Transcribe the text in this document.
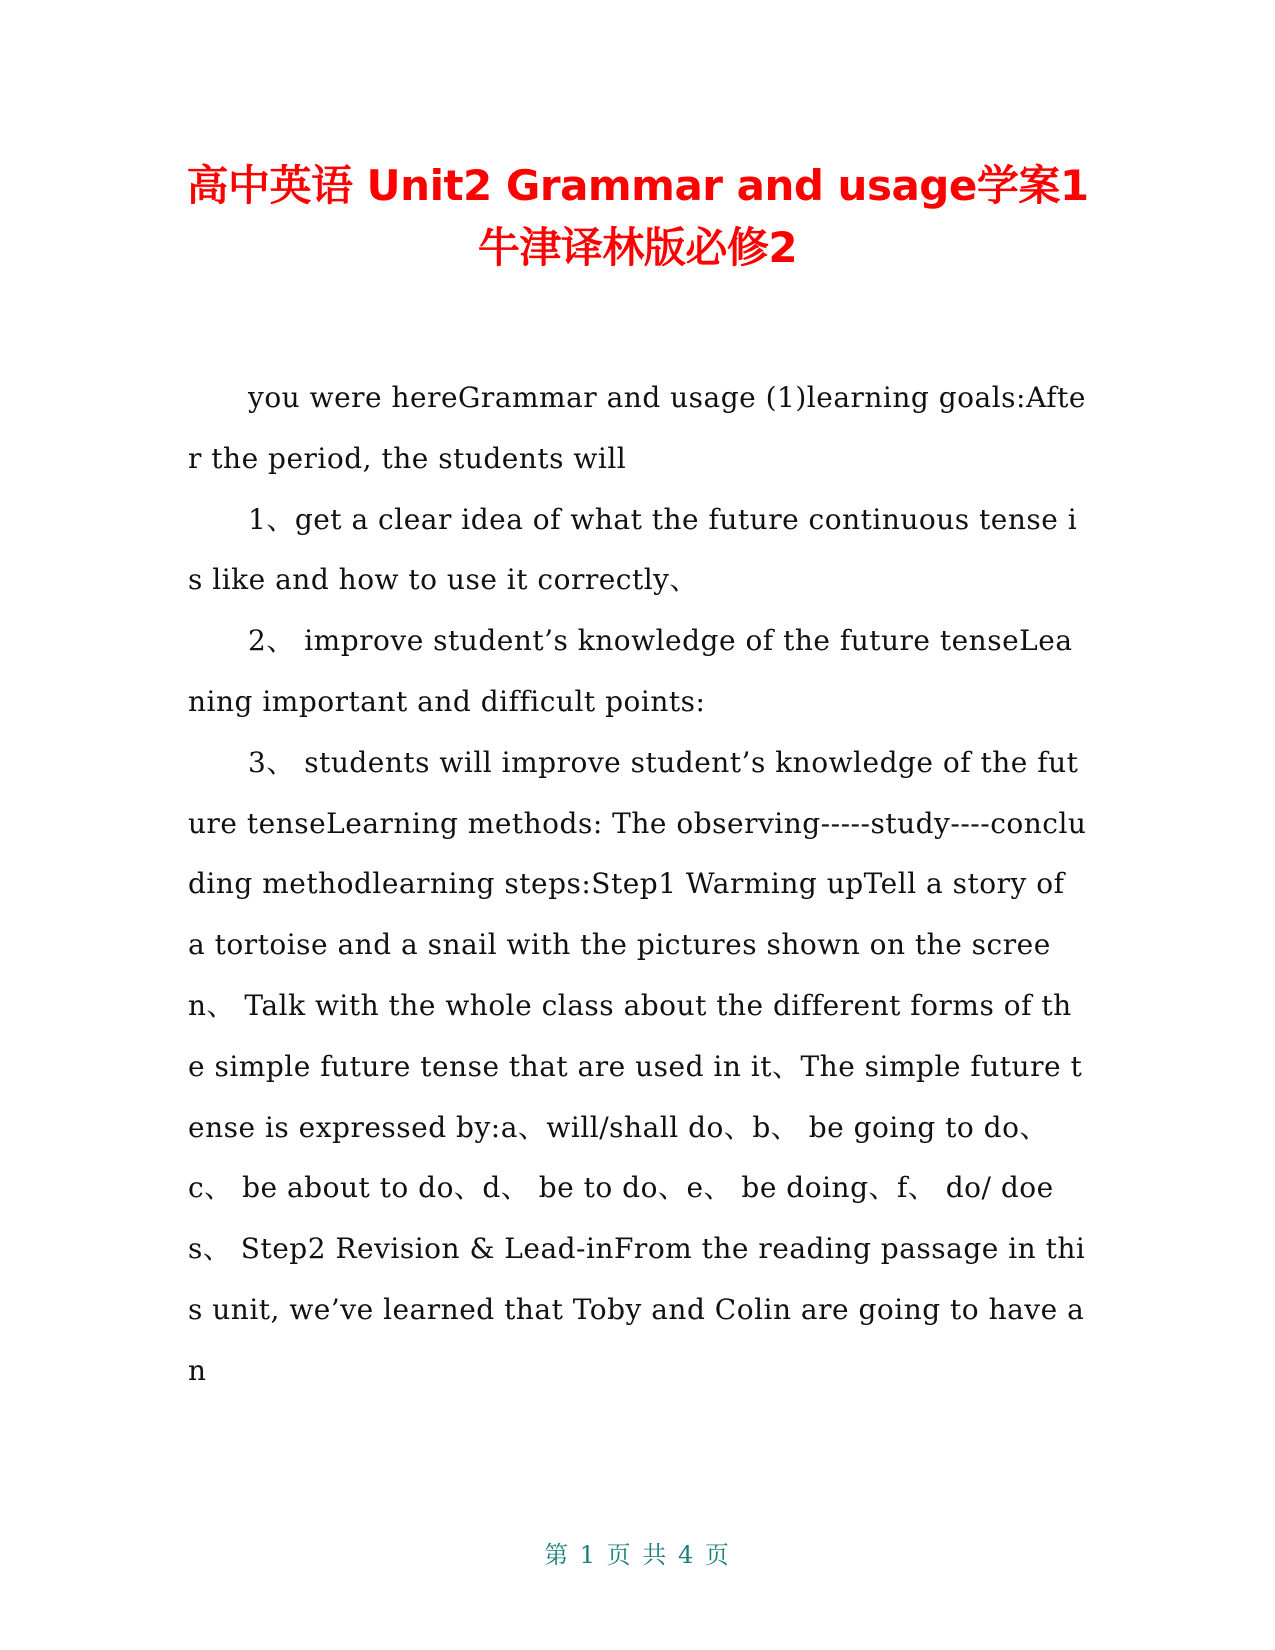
高中英语 Unit2 Grammar and usage学案1
牛津译林版必修2

you were hereGrammar and usage (1)learning goals:After the period, the students will

1、get a clear idea of what the future continuous tense is like and how to use it correctly、

2、 improve student’s knowledge of the future tenseLeaning important and difficult points:

3、 students will improve student’s knowledge of the future tenseLearning methods: The observing-----study----concluding methodlearning steps:Step1 Warming upTell a story of a tortoise and a snail with the pictures shown on the screen、 Talk with the whole class about the different forms of the simple future tense that are used in it、The simple future tense is expressed by:a、will/shall do、b、 be going to do、c、 be about to do、d、 be to do、e、 be doing、f、 do/ does、 Step2 Revision & Lead-inFrom the reading passage in this unit, we’ve learned that Toby and Colin are going to have an

第 1 页 共 4 页
